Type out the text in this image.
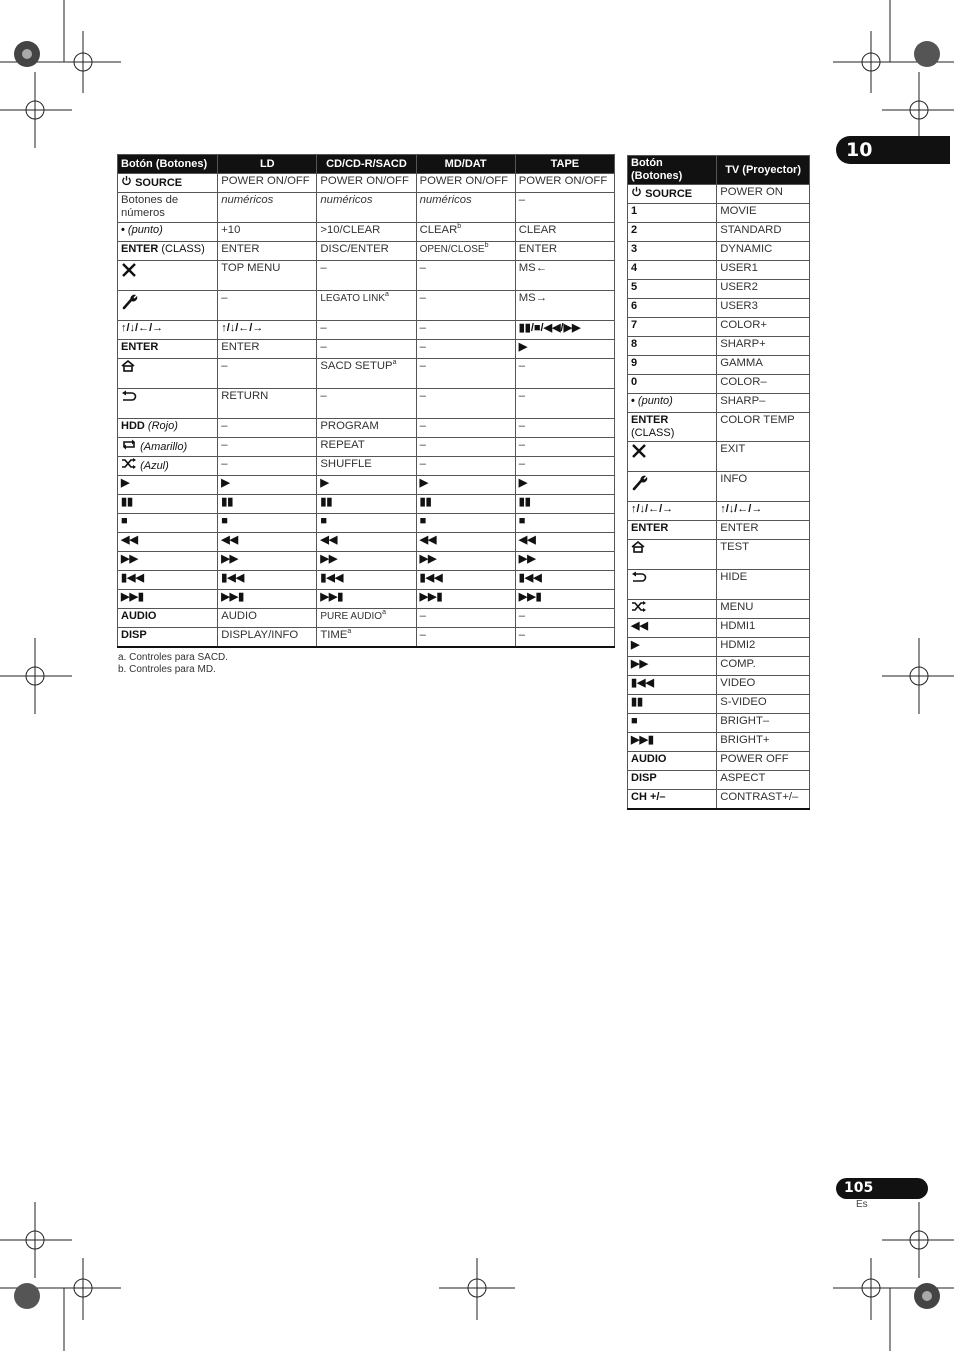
10
Botón (Botones)	LD	CD/CD-R/SACD	MD/DAT	TAPE
SOURCE	POWER ON/OFF	POWER ON/OFF	POWER ON/OFF	POWER ON/OFF
Botones de números	numéricos	numéricos	numéricos	–
• (punto)	+10	>10/CLEAR	CLEAR$^b$	CLEAR
ENTER (CLASS)	ENTER	DISC/ENTER	OPEN/CLOSE$^b$	ENTER
	TOP MENU	–	–	MS←
	–	LEGATO LINK$^a$	–	MS→
↑/↓/←/→	↑/↓/←/→	–	–	▮▮/■/◀◀/▶▶
ENTER	ENTER	–	–	▶
	–	SACD SETUP$^a$	–	–
	RETURN	–	–	–
HDD (Rojo)	–	PROGRAM	–	–
(Amarillo)	–	REPEAT	–	–
(Azul)	–	SHUFFLE	–	–
▶	▶	▶	▶	▶
▮▮	▮▮	▮▮	▮▮	▮▮
■	■	■	■	■
◀◀	◀◀	◀◀	◀◀	◀◀
▶▶	▶▶	▶▶	▶▶	▶▶
▮◀◀	▮◀◀	▮◀◀	▮◀◀	▮◀◀
▶▶▮	▶▶▮	▶▶▮	▶▶▮	▶▶▮
AUDIO	AUDIO	PURE AUDIO$^a$	–	–
DISP	DISPLAY/INFO	TIME$^a$	–	–
Botón (Botones)	TV (Proyector)
SOURCE	POWER ON
1	MOVIE
2	STANDARD
3	DYNAMIC
4	USER1
5	USER2
6	USER3
7	COLOR+
8	SHARP+
9	GAMMA
0	COLOR–
• (punto)	SHARP–
ENTER (CLASS)	COLOR TEMP
	EXIT
	INFO
↑/↓/←/→	↑/↓/←/→
ENTER	ENTER
	TEST
	HIDE
	MENU
◀◀	HDMI1
▶	HDMI2
▶▶	COMP.
▮◀◀	VIDEO
▮▮	S-VIDEO
■	BRIGHT–
▶▶▮	BRIGHT+
AUDIO	POWER OFF
DISP	ASPECT
CH +/–	CONTRAST+/–
a. Controles para SACD.
b. Controles para MD.
105
Es
